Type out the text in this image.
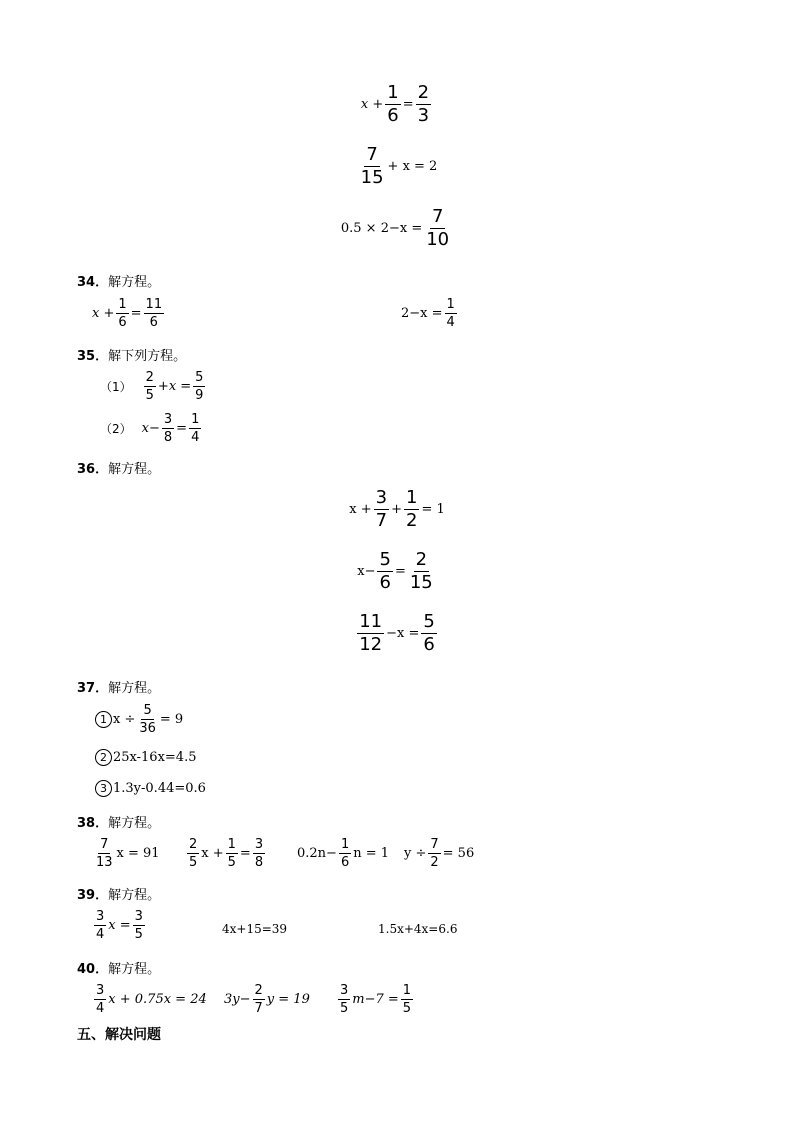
$x + \frac{1}{6} = \frac{2}{3}$
$\frac{7}{15} + x = 2$
$0.5 \times 2-x = \frac{7}{10}$
34．解方程。
$x + \frac{1}{6} = \frac{11}{6}$	$2-x = \frac{1}{4}$
35．解下列方程。
$(1) \frac{2}{5} +x = \frac{5}{9}$
（2） $x- \frac{3}{8} = \frac{1}{4}$
36．解方程。
$x + \frac{3}{7} + \frac{1}{2} = 1$
$x- \frac{5}{6} = \frac{2}{15}$
$\frac{11}{12} -x = \frac{5}{6}$
37．解方程。
1 $x \div \frac{5}{36} = 9$
2 25x-16x=4.5
3 1.3y-0.44=0.6
38．解方程。
$\frac{7}{13}$ $x = 91 \frac{2}{5}$ $x + \frac{1}{5} = \frac{3}{8} 0.2n- \frac{1}{6}$ n = 1 $y \div \frac{7}{2} = 56$
39．解方程。
$\frac{3}{4}$ $x = \frac{3}{5}$	4x+15=39	1.5x+4x=6.6
40．解方程。
$\frac{3}{4}$ x + 0.75x = 24 $3y- \frac{2}{7}$ $y = 19 \frac{3}{5} m-7 = \frac{1}{5}$
五、解决问题
